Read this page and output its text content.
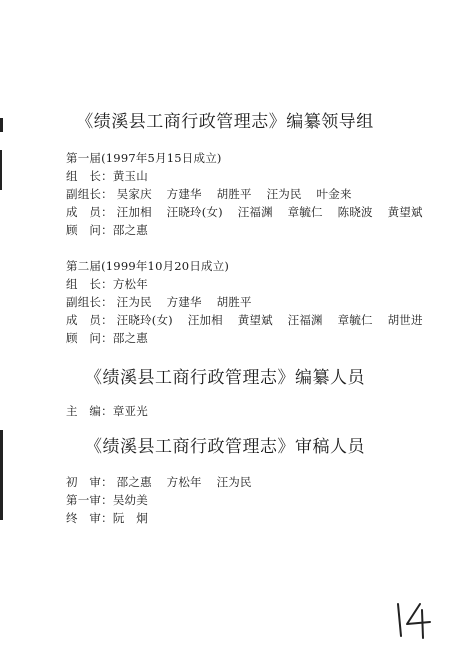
《绩溪县工商行政管理志》编纂领导组
第一届(1997年5月15日成立)
组　长：黄玉山
副组长： 吴家庆 方建华 胡胜平 汪为民 叶金来
成　员： 汪加相 汪晓玲(女) 汪福渊 章毓仁 陈晓波 黄望斌
顾　问：邵之惠
第二届(1999年10月20日成立)
组　长：方松年
副组长： 汪为民 方建华 胡胜平
成　员： 汪晓玲(女) 汪加相 黄望斌 汪福渊 章毓仁 胡世进
顾　问：邵之惠
《绩溪县工商行政管理志》编纂人员
主　编：章亚光
《绩溪县工商行政管理志》审稿人员
初　审： 邵之惠 方松年 汪为民
第一审：吴幼美
终　审：阮　炯
